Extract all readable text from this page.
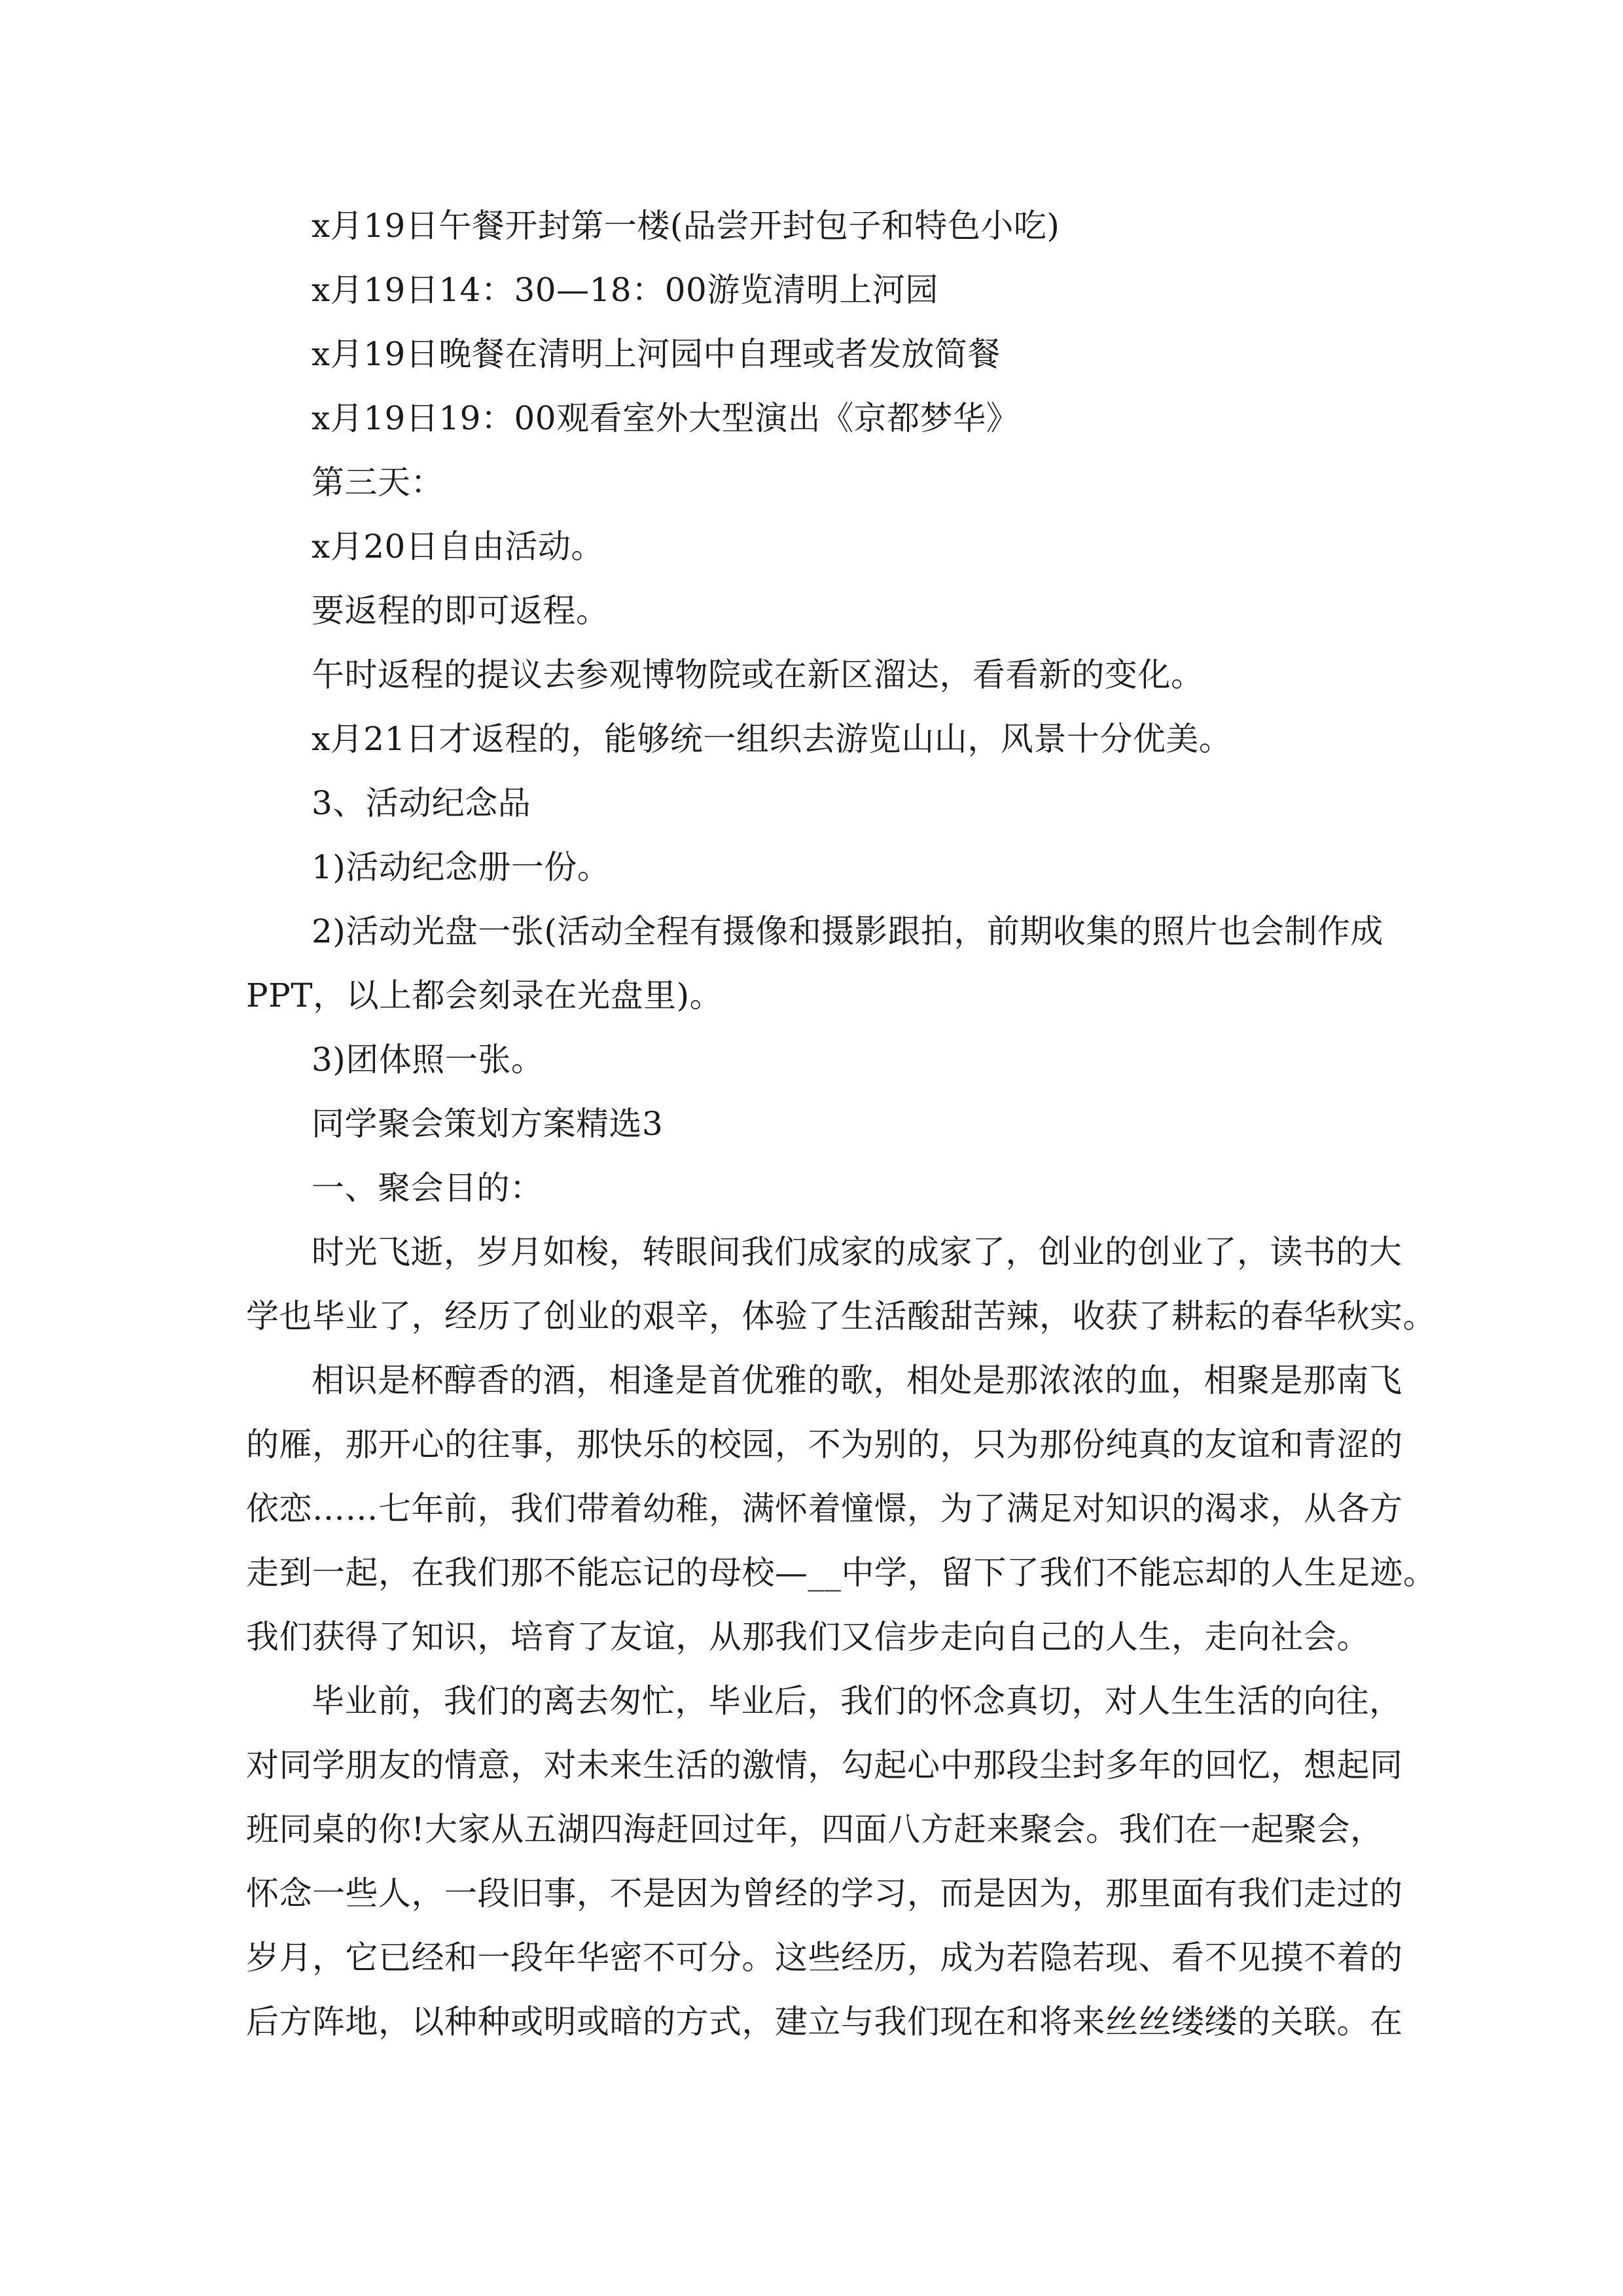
x月19日午餐开封第一楼(品尝开封包子和特色小吃)
x月19日14：30—18：00游览清明上河园
x月19日晚餐在清明上河园中自理或者发放简餐
x月19日19：00观看室外大型演出《京都梦华》
第三天：
x月20日自由活动。
要返程的即可返程。
午时返程的提议去参观博物院或在新区溜达，看看新的变化。
x月21日才返程的，能够统一组织去游览山山，风景十分优美。
3、活动纪念品
1)活动纪念册一份。
2)活动光盘一张(活动全程有摄像和摄影跟拍，前期收集的照片也会制作成
PPT，以上都会刻录在光盘里)。
3)团体照一张。
同学聚会策划方案精选3
一、聚会目的：
时光飞逝，岁月如梭，转眼间我们成家的成家了，创业的创业了，读书的大
学也毕业了，经历了创业的艰辛，体验了生活酸甜苦辣，收获了耕耘的春华秋实。
相识是杯醇香的酒，相逢是首优雅的歌，相处是那浓浓的血，相聚是那南飞
的雁，那开心的往事，那快乐的校园，不为别的，只为那份纯真的友谊和青涩的
依恋……七年前，我们带着幼稚，满怀着憧憬，为了满足对知识的渴求，从各方
走到一起，在我们那不能忘记的母校—__中学，留下了我们不能忘却的人生足迹。
我们获得了知识，培育了友谊，从那我们又信步走向自己的人生，走向社会。
毕业前，我们的离去匆忙，毕业后，我们的怀念真切，对人生生活的向往，
对同学朋友的情意，对未来生活的激情，勾起心中那段尘封多年的回忆，想起同
班同桌的你!大家从五湖四海赶回过年，四面八方赶来聚会。我们在一起聚会，
怀念一些人，一段旧事，不是因为曾经的学习，而是因为，那里面有我们走过的
岁月，它已经和一段年华密不可分。这些经历，成为若隐若现、看不见摸不着的
后方阵地，以种种或明或暗的方式，建立与我们现在和将来丝丝缕缕的关联。在
